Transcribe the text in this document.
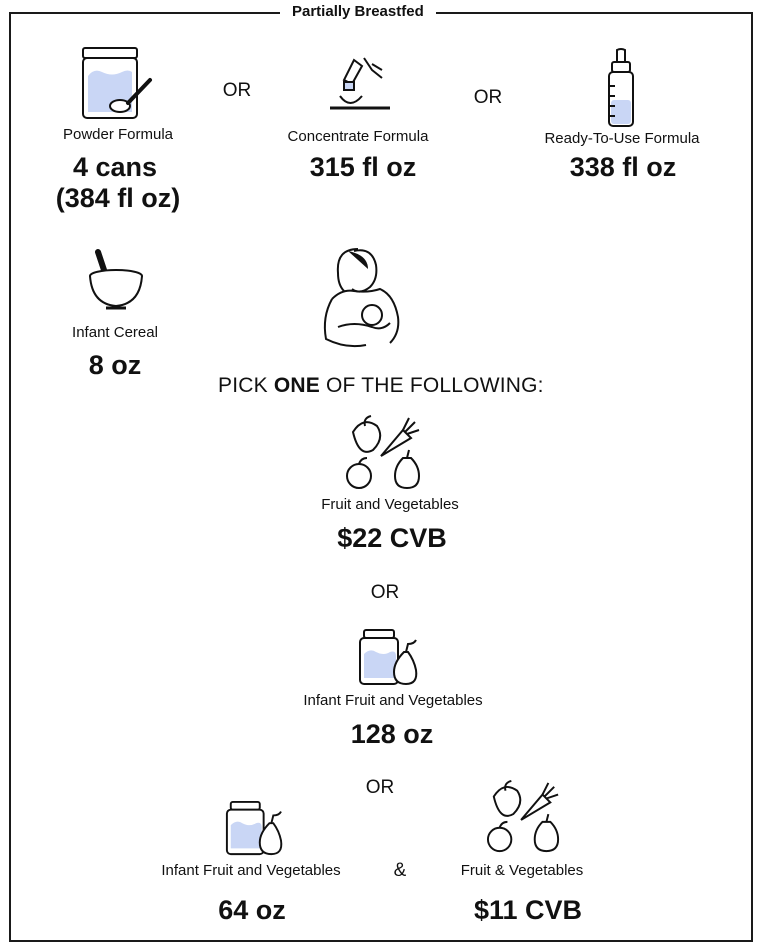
Partially Breastfed
Powder Formula
4 cans
(384 fl oz)
OR
Concentrate Formula
315 fl oz
OR
Ready-To-Use Formula
338 fl oz
Infant Cereal
8 oz
PICK ONE OF THE FOLLOWING:
Fruit and Vegetables
$22 CVB
OR
Infant Fruit and Vegetables
128 oz
OR
Infant Fruit and Vegetables
64 oz
&	Fruit & Vegetables
$11 CVB
